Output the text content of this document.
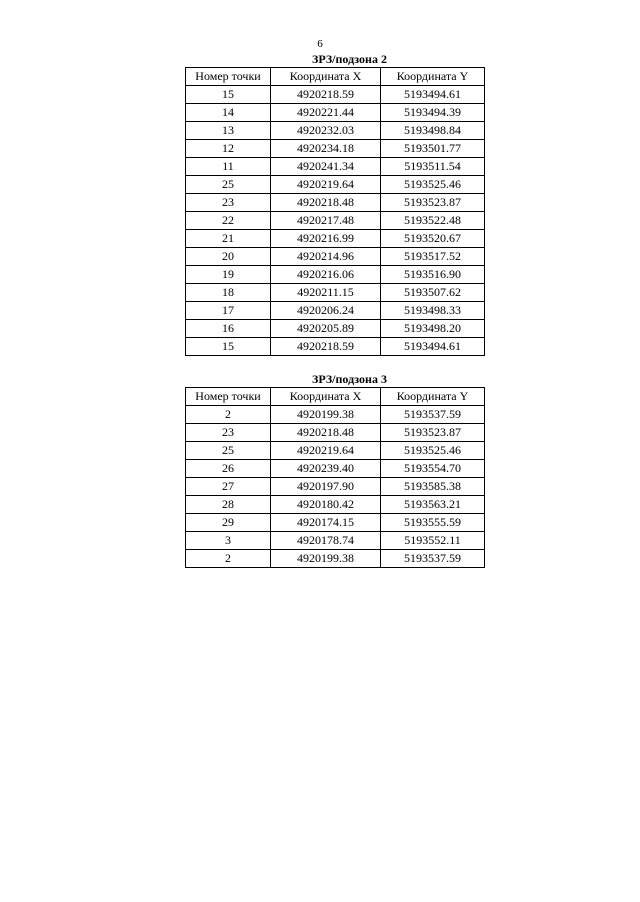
6
ЗРЗ/подзона 2
Номер точки	Координата X	Координата Y
15	4920218.59	5193494.61
14	4920221.44	5193494.39
13	4920232.03	5193498.84
12	4920234.18	5193501.77
11	4920241.34	5193511.54
25	4920219.64	5193525.46
23	4920218.48	5193523.87
22	4920217.48	5193522.48
21	4920216.99	5193520.67
20	4920214.96	5193517.52
19	4920216.06	5193516.90
18	4920211.15	5193507.62
17	4920206.24	5193498.33
16	4920205.89	5193498.20
15	4920218.59	5193494.61
ЗРЗ/подзона 3
Номер точки	Координата X	Координата Y
2	4920199.38	5193537.59
23	4920218.48	5193523.87
25	4920219.64	5193525.46
26	4920239.40	5193554.70
27	4920197.90	5193585.38
28	4920180.42	5193563.21
29	4920174.15	5193555.59
3	4920178.74	5193552.11
2	4920199.38	5193537.59
